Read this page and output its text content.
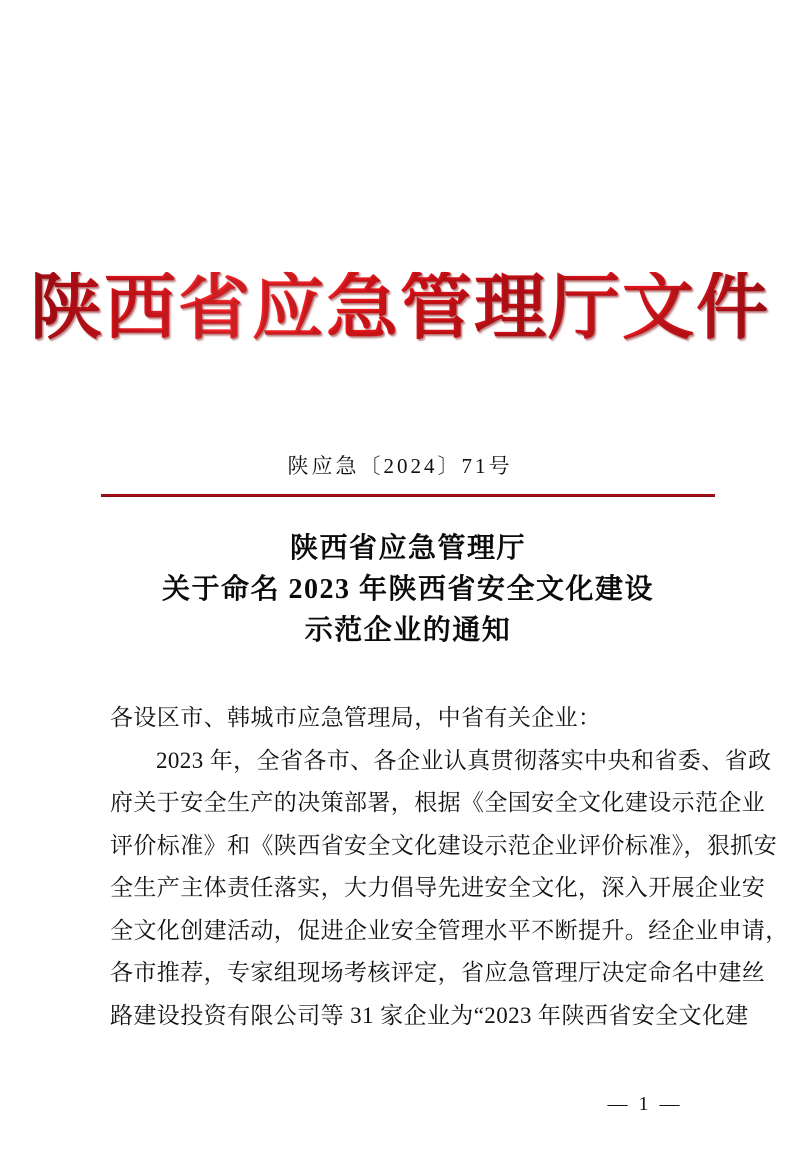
陕西省应急管理厅文件
陕应急〔2024〕71号
陕西省应急管理厅
关于命名 2023 年陕西省安全文化建设
示范企业的通知
各设区市、韩城市应急管理局，中省有关企业：
2023 年，全省各市、各企业认真贯彻落实中央和省委、省政
府关于安全生产的决策部署，根据《全国安全文化建设示范企业
评价标准》和《陕西省安全文化建设示范企业评价标准》，狠抓安
全生产主体责任落实，大力倡导先进安全文化，深入开展企业安
全文化创建活动，促进企业安全管理水平不断提升。经企业申请，
各市推荐，专家组现场考核评定，省应急管理厅决定命名中建丝
路建设投资有限公司等 31 家企业为“2023 年陕西省安全文化建
— 1 —
